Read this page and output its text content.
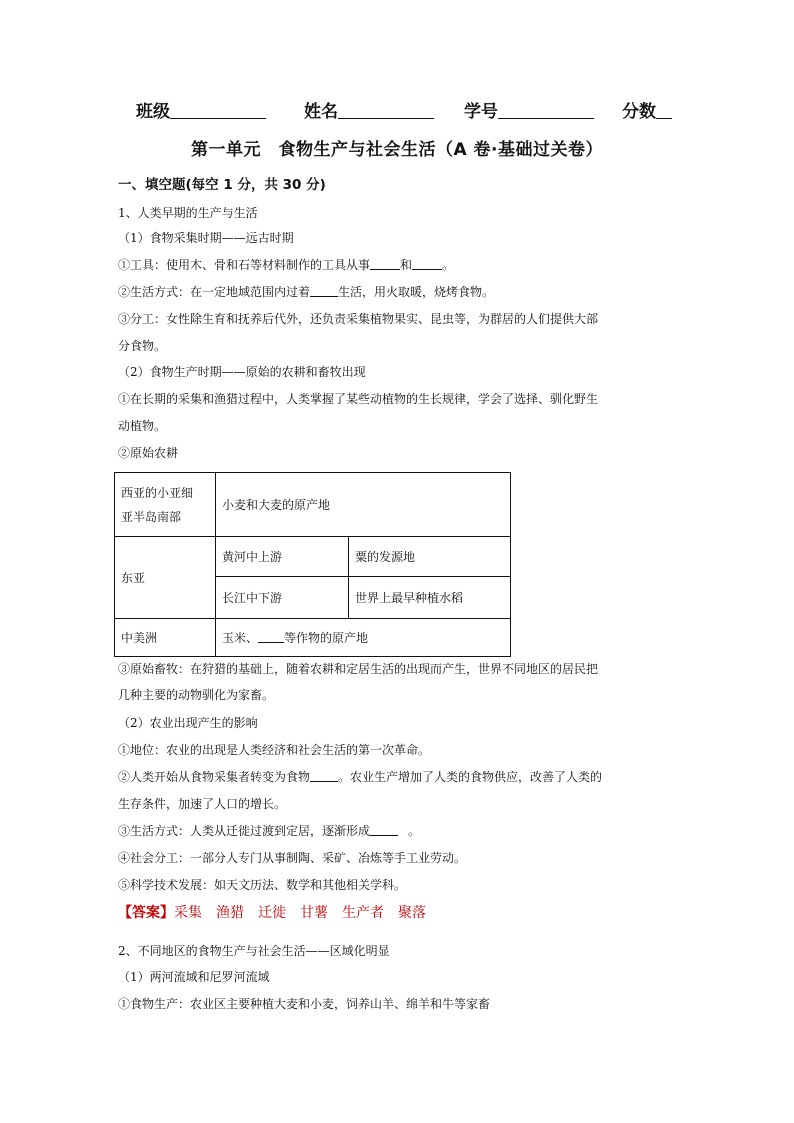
班级	姓名	学号	分数
第一单元　食物生产与社会生活（A 卷·基础过关卷）
一、填空题(每空 1 分，共 30 分)
1、人类早期的生产与生活
（1）食物采集时期——远古时期
①工具：使用木、骨和石等材料制作的工具从事	和	。
②生活方式：在一定地域范围内过着 生活，用火取暖，烧烤食物。
③分工：女性除生育和抚养后代外，还负责采集植物果实、昆虫等，为群居的人们提供大部
分食物。
（2）食物生产时期——原始的农耕和畜牧出现
①在长期的采集和渔猎过程中，人类掌握了某些动植物的生长规律，学会了选择、驯化野生
动植物。
②原始农耕
西亚的小亚细
亚半岛南部	小麦和大麦的原产地	
东亚	黄河中上游	粟的发源地
	长江中下游	世界上最早种植水稻
中美洲	玉米、 等作物的原产地	
③原始畜牧：在狩猎的基础上，随着农耕和定居生活的出现而产生，世界不同地区的居民把
几种主要的动物驯化为家畜。
（2）农业出现产生的影响
①地位：农业的出现是人类经济和社会生活的第一次革命。
②人类开始从食物采集者转变为食物 。农业生产增加了人类的食物供应，改善了人类的
生存条件，加速了人口的增长。
③生活方式：人类从迁徙过渡到定居，逐渐形成	。
④社会分工：一部分人专门从事制陶、采矿、冶炼等手工业劳动。
⑤科学技术发展：如天文历法、数学和其他相关学科。
【答案】采集 渔猎 迁徙 甘薯 生产者 聚落
2、不同地区的食物生产与社会生活——区域化明显
（1）两河流域和尼罗河流域
①食物生产：农业区主要种植大麦和小麦，饲养山羊、绵羊和牛等家畜
